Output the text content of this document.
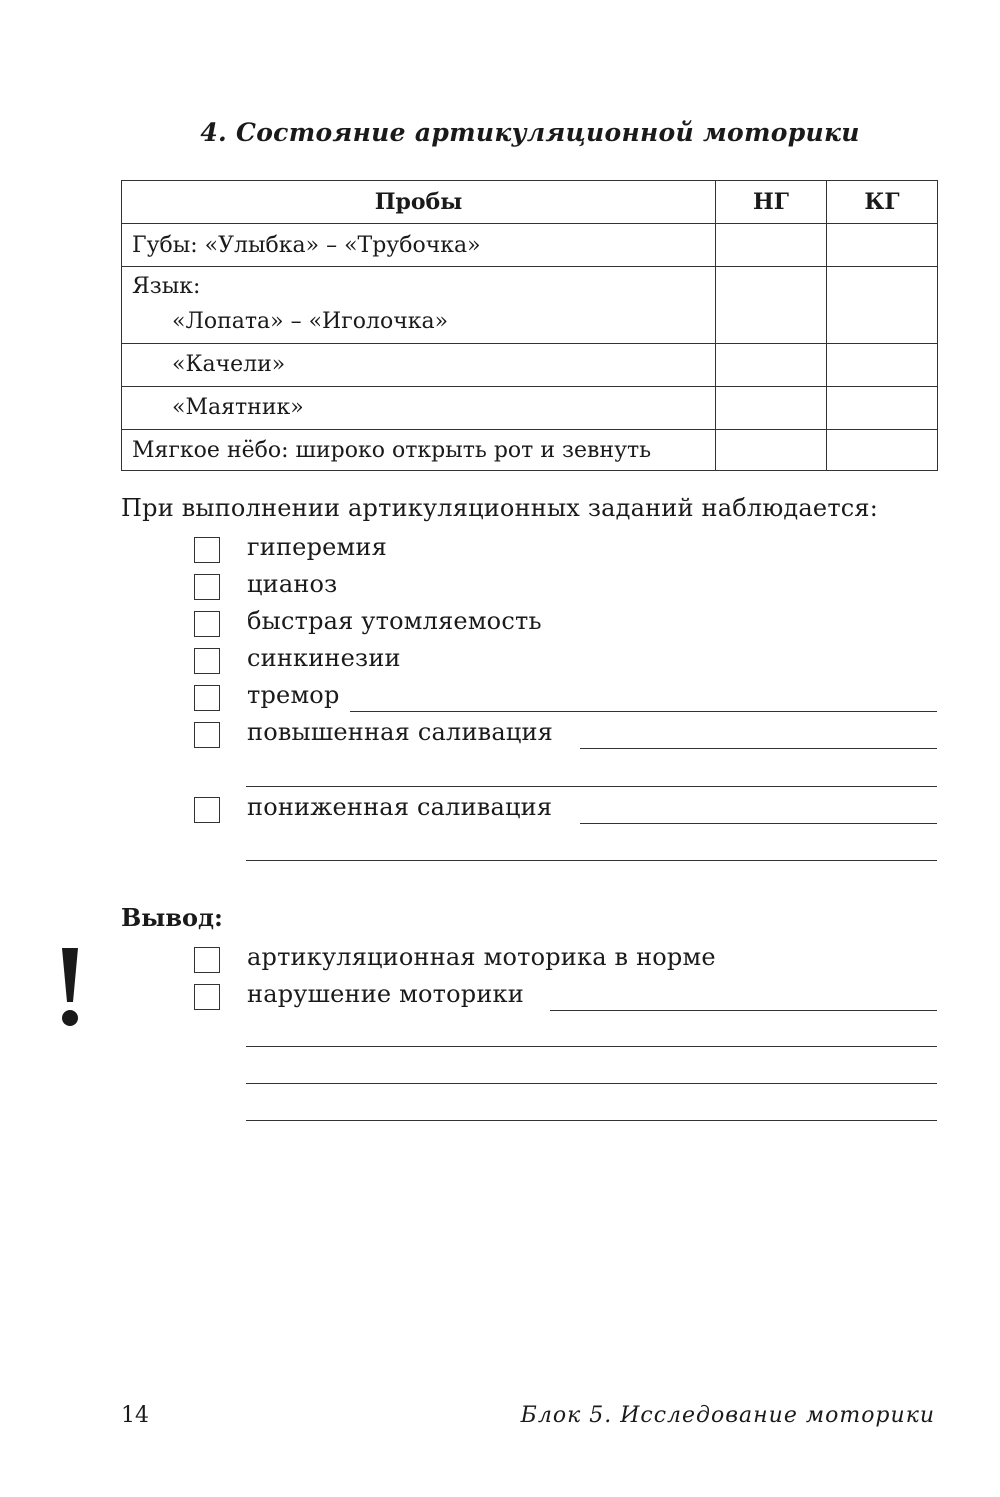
4. Состояние артикуляционной моторики
Пробы	НГ	КГ
Губы: «Улыбка» – «Трубочка»		

Язык:
«Лопата» – «Иголочка»		

«Качели»		

«Маятник»		

Мягкое нёбо: широко открыть рот и зевнуть		
При выполнении артикуляционных заданий наблюдается:
гиперемия
цианоз
быстрая утомляемость
синкинезии
тремор
повышенная саливация
пониженная саливация
Вывод:
артикуляционная моторика в норме
нарушение моторики
14	Блок 5. Исследование моторики
